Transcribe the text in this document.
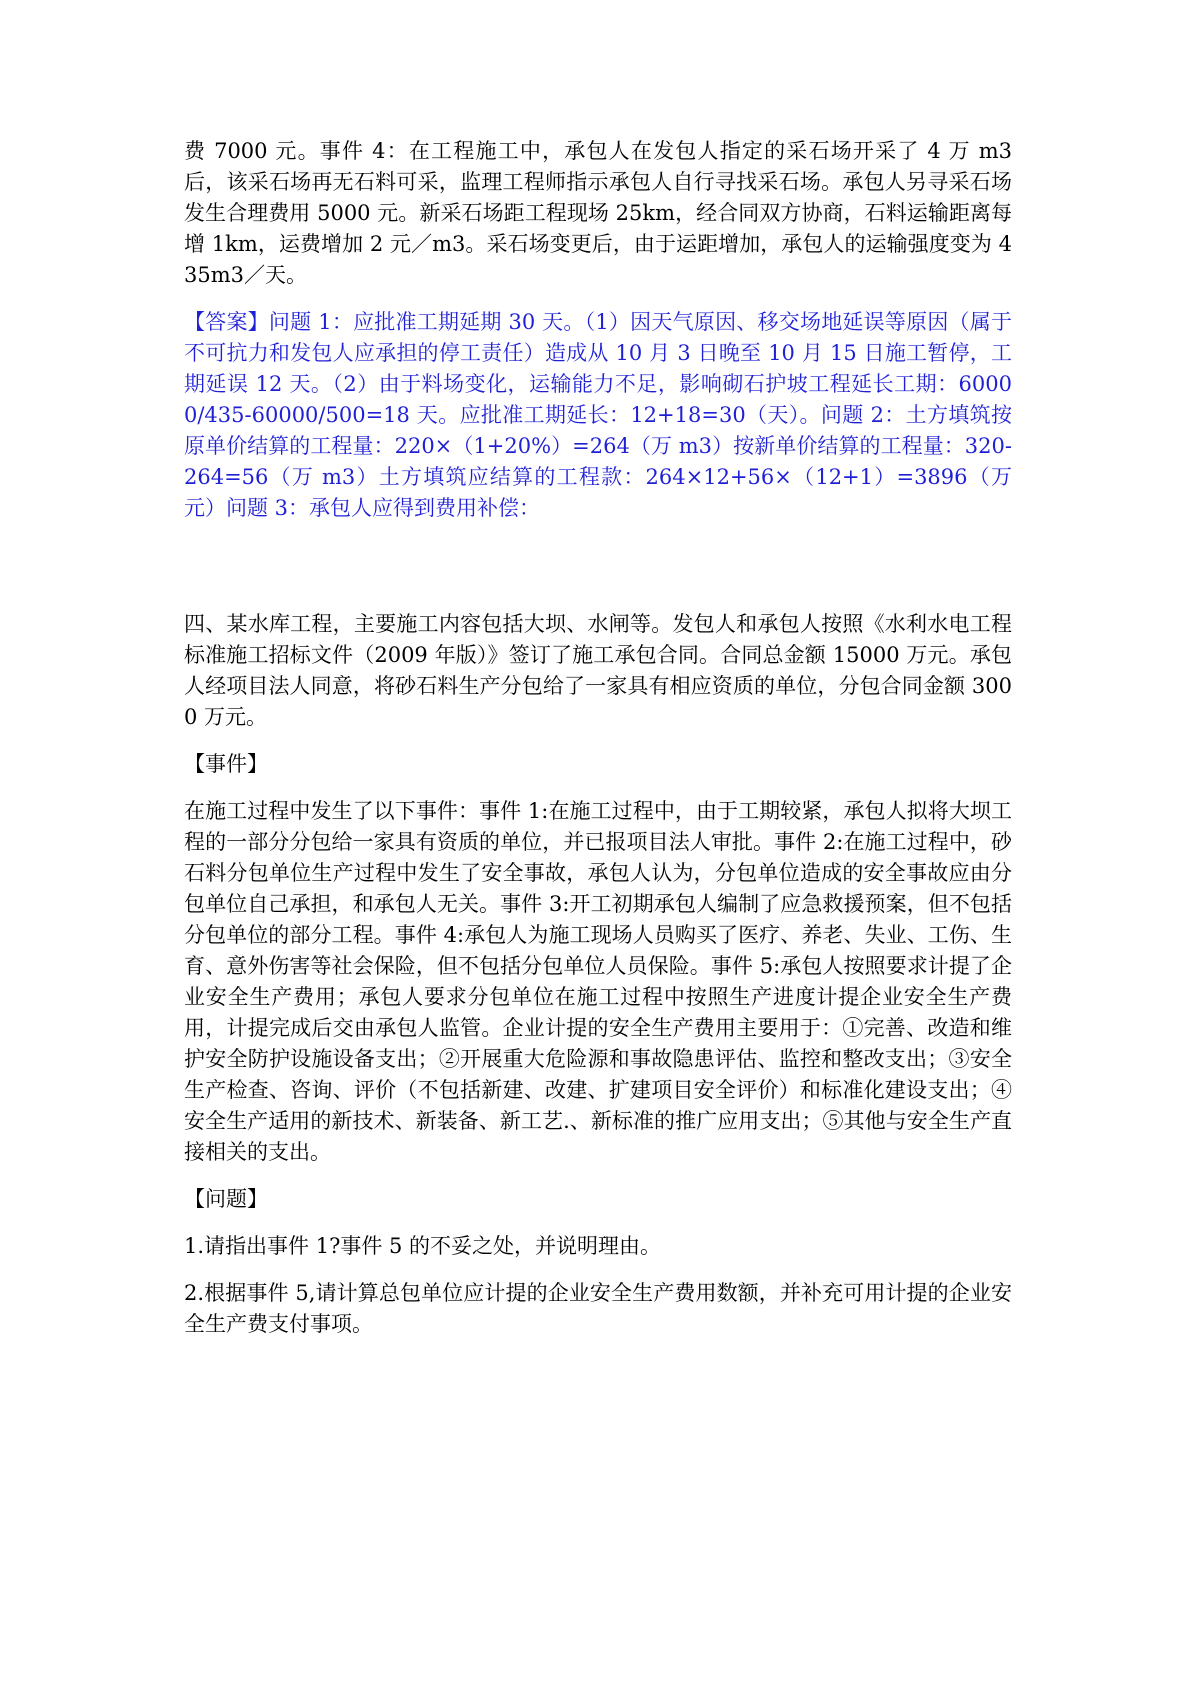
费 7000 元。事件 4：在工程施工中，承包人在发包人指定的采石场开采了 4 万 m3 后，该采石场再无石料可采，监理工程师指示承包人自行寻找采石场。承包人另寻采石场发生合理费用 5000 元。新采石场距工程现场 25km，经合同双方协商，石料运输距离每增 1km，运费增加 2 元／m3。采石场变更后，由于运距增加，承包人的运输强度变为 435m3／天。

【答案】问题 1：应批准工期延期 30 天。（1）因天气原因、移交场地延误等原因（属于不可抗力和发包人应承担的停工责任）造成从 10 月 3 日晚至 10 月 15 日施工暂停，工期延误 12 天。（2）由于料场变化，运输能力不足，影响砌石护坡工程延长工期：60000/435-60000/500=18 天。应批准工期延长：12+18=30（天）。问题 2：土方填筑按原单价结算的工程量：220×（1+20%）=264（万 m3）按新单价结算的工程量：320-264=56（万 m3）土方填筑应结算的工程款：264×12+56×（12+1）=3896（万元）问题 3：承包人应得到费用补偿：

四、某水库工程，主要施工内容包括大坝、水闸等。发包人和承包人按照《水利水电工程标准施工招标文件（2009 年版）》签订了施工承包合同。合同总金额 15000 万元。承包人经项目法人同意，将砂石料生产分包给了一家具有相应资质的单位，分包合同金额 3000 万元。

【事件】

在施工过程中发生了以下事件：事件 1:在施工过程中，由于工期较紧，承包人拟将大坝工程的一部分分包给一家具有资质的单位，并已报项目法人审批。事件 2:在施工过程中，砂石料分包单位生产过程中发生了安全事故，承包人认为，分包单位造成的安全事故应由分包单位自己承担，和承包人无关。事件 3:开工初期承包人编制了应急救援预案，但不包括分包单位的部分工程。事件 4:承包人为施工现场人员购买了医疗、养老、失业、工伤、生育、意外伤害等社会保险，但不包括分包单位人员保险。事件 5:承包人按照要求计提了企业安全生产费用；承包人要求分包单位在施工过程中按照生产进度计提企业安全生产费用，计提完成后交由承包人监管。企业计提的安全生产费用主要用于：①完善、改造和维护安全防护设施设备支出；②开展重大危险源和事故隐患评估、监控和整改支出；③安全生产检查、咨询、评价（不包括新建、改建、扩建项目安全评价）和标准化建设支出；④安全生产适用的新技术、新装备、新工艺.、新标准的推广应用支出；⑤其他与安全生产直接相关的支出。

【问题】

1.请指出事件 1?事件 5 的不妥之处，并说明理由。

2.根据事件 5,请计算总包单位应计提的企业安全生产费用数额，并补充可用计提的企业安全生产费支付事项。
